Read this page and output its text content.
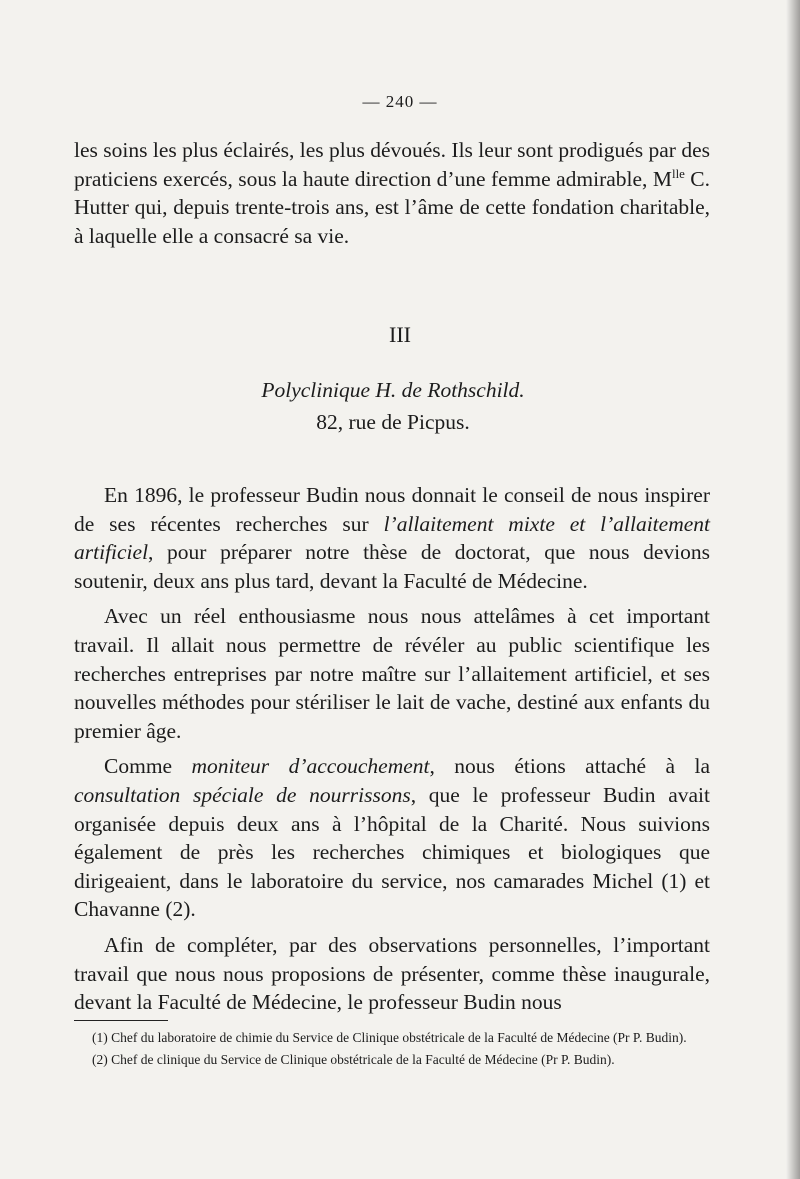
— 240 —

les soins les plus éclairés, les plus dévoués. Ils leur sont prodigués par des praticiens exercés, sous la haute direction d’une femme admirable, $M^{lle}$ C. Hutter qui, depuis trente-trois ans, est l’âme de cette fondation charitable, à laquelle elle a consacré sa vie.

III
Polyclinique H. de Rothschild.
82, rue de Picpus.

En 1896, le professeur Budin nous donnait le conseil de nous inspirer de ses récentes recherches sur l’allaitement mixte et l’allaitement artificiel, pour préparer notre thèse de doctorat, que nous devions soutenir, deux ans plus tard, devant la Faculté de Médecine.

Avec un réel enthousiasme nous nous attelâmes à cet important travail. Il allait nous permettre de révéler au public scientifique les recherches entreprises par notre maître sur l’allaitement artificiel, et ses nouvelles méthodes pour stériliser le lait de vache, destiné aux enfants du premier âge.

Comme moniteur d’accouchement, nous étions attaché à la consultation spéciale de nourrissons, que le professeur Budin avait organisée depuis deux ans à l’hôpital de la Charité. Nous suivions également de près les recherches chimiques et biologiques que dirigeaient, dans le laboratoire du service, nos camarades Michel (1) et Chavanne (2).

Afin de compléter, par des observations personnelles, l’important travail que nous nous proposions de présenter, comme thèse inaugurale, devant la Faculté de Médecine, le professeur Budin nous

(1) Chef du laboratoire de chimie du Service de Clinique obstétricale de la Faculté de Médecine (Pr P. Budin).

(2) Chef de clinique du Service de Clinique obstétricale de la Faculté de Médecine (Pr P. Budin).
